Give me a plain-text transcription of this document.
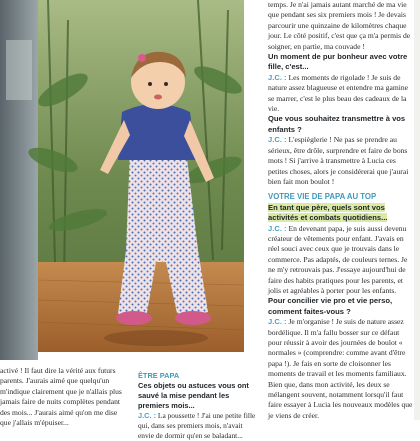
temps. Je n'ai jamais autant marché de ma vie que pendant ses six premiers mois ! Je devais parcourir une quinzaine de kilomètres chaque jour. Le côté positif, c'est que ça m'a permis de soigner, en partie, ma couvade !

Un moment de pur bonheur avec votre fille, c'est...

J.C. : Les moments de rigolade ! Je suis de nature assez blagueuse et entendre ma gamine se marrer, c'est le plus beau des cadeaux de la vie.

Que vous souhaitez transmettre à vos enfants ?

J.C. : L'espièglerie ! Ne pas se prendre au sérieux, être drôle, surprendre et faire de bons mots ! Si j'arrive à transmettre à Lucia ces petites choses, alors je considérerai que j'aurai bien fait mon boulot !

VOTRE VIE DE PAPA AU TOP

En tant que père, quels sont vos activités et combats quotidiens...

J.C. : En devenant papa, je suis aussi devenu créateur de vêtements pour enfant. J'avais en réel souci avec ceux que je trouvais dans le commerce. Pas adaptés, de couleurs ternes. Je ne m'y retrouvais pas. J'essaye aujourd'hui de faire des habits pratiques pour les parents, et jolis et agréables à porter pour les enfants.

Pour concilier vie pro et vie perso, comment faites-vous ?

J.C. : Je m'organise ! Je suis de nature assez bordélique. Il m'a fallu bosser sur ce défaut pour réussir à avoir des journées de boulot « normales » (comprendre: comme avant d'être papa !). Je fais en sorte de cloisonner les moments de travail et les moments familiaux. Bien que, dans mon activité, les deux se mélangent souvent, notamment lorsqu'il faut faire essayer à Lucia les nouveaux modèles que je viens de créer.

activé ! Il faut dire la vérité aux futurs parents. J'aurais aimé que quelqu'un m'indique clairement que je n'allais plus jamais faire de nuits complètes pendant des mois... J'aurais aimé qu'on me dise que j'allais m'épuiser...

ÊTRE PAPA

Ces objets ou astuces vous ont sauvé la mise pendant les premiers mois...

J.C. : La poussette ! J'ai une petite fille qui, dans ses premiers mois, n'avait envie de dormir qu'en se baladant...
